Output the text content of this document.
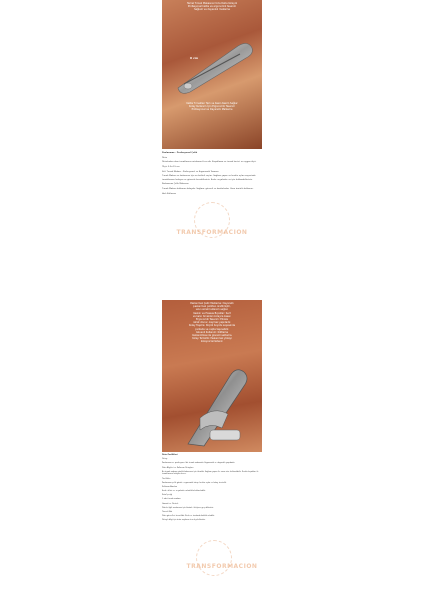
Temel Tırnak Makasınız Ucla Daha Kolaydı

Profesyonel kalite ve ergonomik tasarım

Sağlam ve dayanıklı malzeme

6 cm

Kalite Tırnakları Tam ve Kesin Kesim Sağlar

Kolay Kullanım İçin Ergonomik Tasarım

Profesyonel ve Dayanıklı Malzeme

Paslanmaz - Profesyonel Çelik

Ürün

Ürünlerden olan tırnaklarınız ortalama 6 cm dir. Kuşaklama ve tırnak kesici, en uygun ölçü.

Ölçü: 5.5x1.5 cm

Stil: Tırnak Makası - Profesyonel ve Ergonomik Tasarım

Tırnak Makası ve bakımınız için en kaliteli seçim. Sağlam yapısı ve keskin uçları sayesinde tırnaklarınızı kolayca ve güvenle kesebilirsiniz. Evde, seyahatte ve işte kullanabilirsiniz.

Paslanmaz Çelik Malzeme

Tırnak Makası kullanımı kolaydır. Sağlam, güvenli ve konforludur. Uzun ömürlü kullanım.

Hızlı Kullanım

TRANSFORMACION

Paslanmaz Çelik Malzeme: Dayanıklı

paslanmaz çelikten üretilmiştir,

uzun süreli kullanım sağlar.

Keskin ve Hassas Bıçaklar: Sert

ve kalın tırnakları kolayca keser.

Ergonomik Tasarım: Elinize

rahat oturur, kaymaz yapıdadır.

Kolay Taşıma: Küçük boyutu sayesinde

çantada ve cepte taşınabilir.

Güvenli Kullanım: Kilitleme

mekanizması ile güvenli saklama.

Kolay Temizlik: Paslanmaz yüzeyi

kolayca temizlenir.

Ürün Özellikleri

Detay

Paslanmaz ve profesyonel bir tırnak makasıdır. Ergonomik ve dayanıklı yapıdadır.

Ürün Bilgileri ve Kullanım Detayları

Bu tırnak makası günlük bakımınız için idealdir. Sağlam yapısı ile uzun süre kullanılabilir. Keskin bıçakları ile tırnaklarınızı kolayca keser.

Özellikler:

Paslanmaz çelik gövde, ergonomik tutuş, keskin uçlar ve kolay temizlik.

Kullanım Alanları

Evde, ofiste ve seyahatte rahatlıkla kullanılabilir.

Kutu İçeriği

1 adet tırnak makası.

Garanti ve Destek

Ürünle ilgili sorularınız için bizimle iletişime geçebilirsiniz.

Önemli Not

Ürün görselleri temsilidir. Renk ve tonlarda farklılık olabilir.

Detaylı bilgi için ürün sayfasını inceleyebilirsiniz.

TRANSFORMACION
